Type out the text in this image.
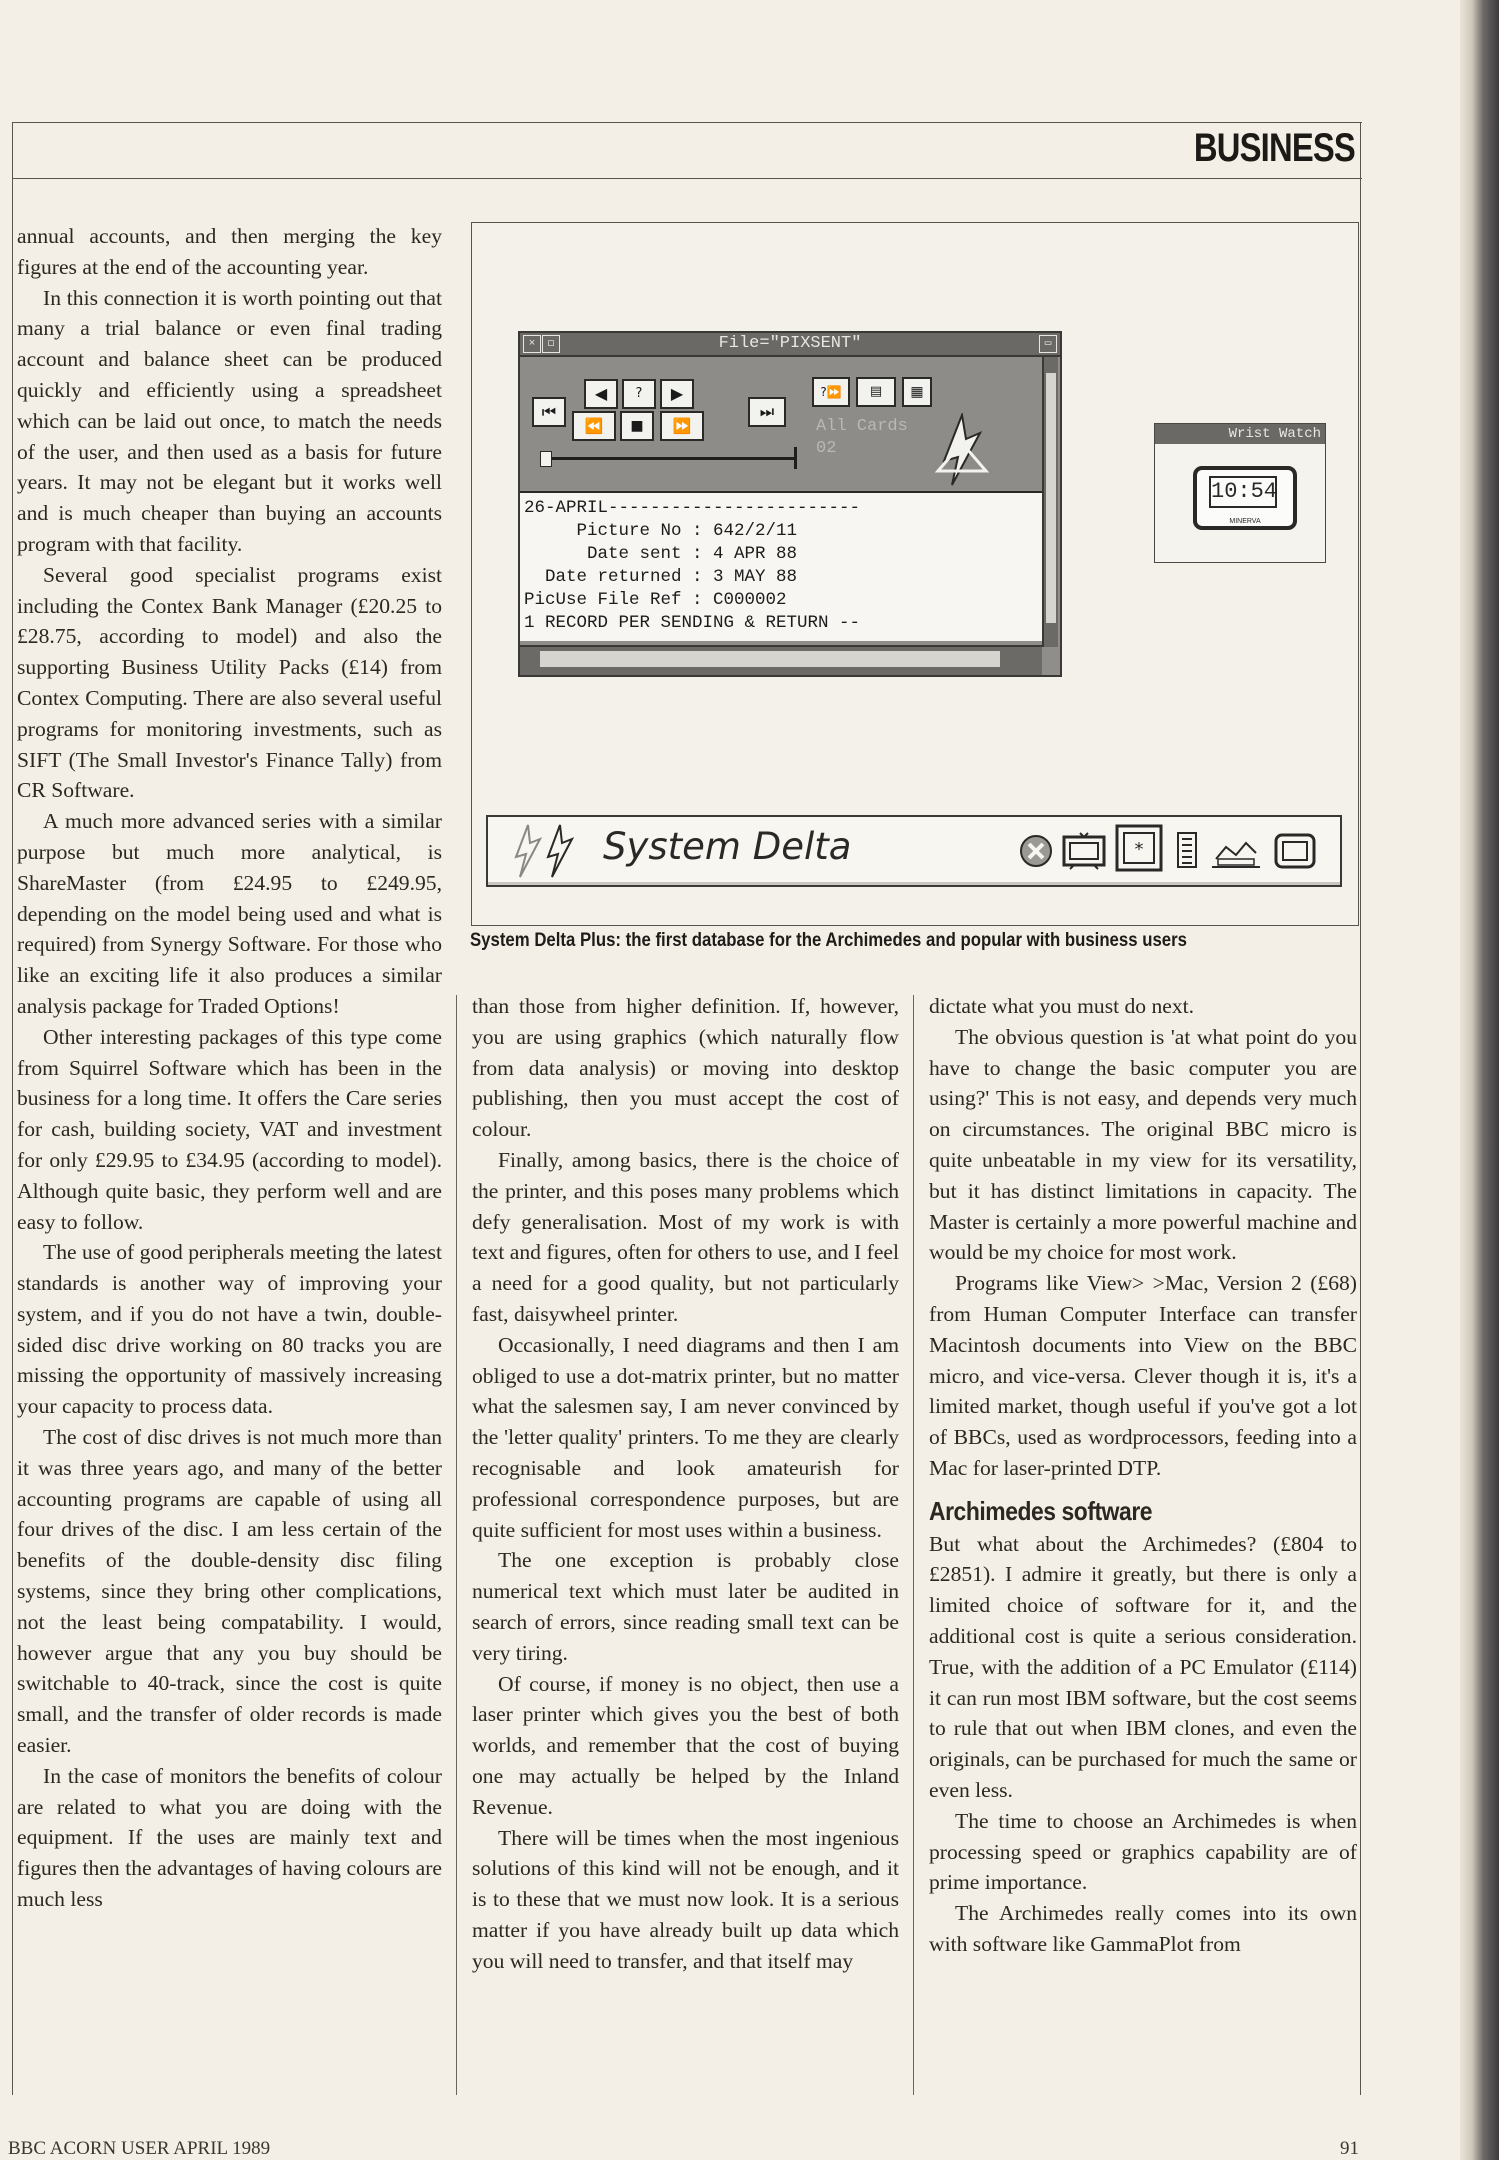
BUSINESS
File="PIXSENT"
×	◻	▭
⏮
◀	?	▶
⏪	■	⏩
⏭
?⏩	▤	▦
All Cards
02
26-APRIL------------------------
Picture No : 642/2/11
Date sent : 4 APR 88
Date returned : 3 MAY 88
PicUse File Ref : C000002
1 RECORD PER SENDING & RETURN --
Wrist Watch
10:54
MINERVA
System Delta	*
System Delta Plus: the first database for the Archimedes and popular with business users

annual accounts, and then merging the key figures at the end of the accounting year.

In this connection it is worth pointing out that many a trial balance or even final trading account and balance sheet can be produced quickly and efficiently using a spreadsheet which can be laid out once, to match the needs of the user, and then used as a basis for future years. It may not be elegant but it works well and is much cheaper than buying an accounts program with that facility.

Several good specialist programs exist including the Contex Bank Manager (£20.25 to £28.75, according to model) and also the supporting Business Utility Packs (£14) from Contex Computing. There are also several useful programs for monitoring investments, such as SIFT (The Small Investor's Finance Tally) from CR Software.

A much more advanced series with a similar purpose but much more analytical, is ShareMaster (from £24.95 to £249.95, depending on the model being used and what is required) from Synergy Software. For those who like an exciting life it also produces a similar analysis package for Traded Options!

Other interesting packages of this type come from Squirrel Software which has been in the business for a long time. It offers the Care series for cash, building society, VAT and investment for only £29.95 to £34.95 (according to model). Although quite basic, they perform well and are easy to follow.

The use of good peripherals meeting the latest standards is another way of improving your system, and if you do not have a twin, double-sided disc drive working on 80 tracks you are missing the opportunity of massively increasing your capacity to process data.

The cost of disc drives is not much more than it was three years ago, and many of the better accounting programs are capable of using all four drives of the disc. I am less certain of the benefits of the double-density disc filing systems, since they bring other complications, not the least being compatability. I would, however argue that any you buy should be switchable to 40-track, since the cost is quite small, and the transfer of older records is made easier.

In the case of monitors the benefits of colour are related to what you are doing with the equipment. If the uses are mainly text and figures then the advantages of having colours are much less

than those from higher definition. If, however, you are using graphics (which naturally flow from data analysis) or moving into desktop publishing, then you must accept the cost of colour.

Finally, among basics, there is the choice of the printer, and this poses many problems which defy generalisation. Most of my work is with text and figures, often for others to use, and I feel a need for a good quality, but not particularly fast, daisywheel printer.

Occasionally, I need diagrams and then I am obliged to use a dot-matrix printer, but no matter what the salesmen say, I am never convinced by the 'letter quality' printers. To me they are clearly recognisable and look amateurish for professional correspondence purposes, but are quite sufficient for most uses within a business.

The one exception is probably close numerical text which must later be audited in search of errors, since reading small text can be very tiring.

Of course, if money is no object, then use a laser printer which gives you the best of both worlds, and remember that the cost of buying one may actually be helped by the Inland Revenue.

There will be times when the most ingenious solutions of this kind will not be enough, and it is to these that we must now look. It is a serious matter if you have already built up data which you will need to transfer, and that itself may

dictate what you must do next.

The obvious question is 'at what point do you have to change the basic computer you are using?' This is not easy, and depends very much on circumstances. The original BBC micro is quite unbeatable in my view for its versatility, but it has distinct limitations in capacity. The Master is certainly a more powerful machine and would be my choice for most work.

Programs like View> >Mac, Version 2 (£68) from Human Computer Interface can transfer Macintosh documents into View on the BBC micro, and vice-versa. Clever though it is, it's a limited market, though useful if you've got a lot of BBCs, used as wordprocessors, feeding into a Mac for laser-printed DTP.

Archimedes software

But what about the Archimedes? (£804 to £2851). I admire it greatly, but there is only a limited choice of software for it, and the additional cost is quite a serious consideration. True, with the addition of a PC Emulator (£114) it can run most IBM software, but the cost seems to rule that out when IBM clones, and even the originals, can be purchased for much the same or even less.

The time to choose an Archimedes is when processing speed or graphics capability are of prime importance.

The Archimedes really comes into its own with software like GammaPlot from

BBC ACORN USER APRIL 1989	91
